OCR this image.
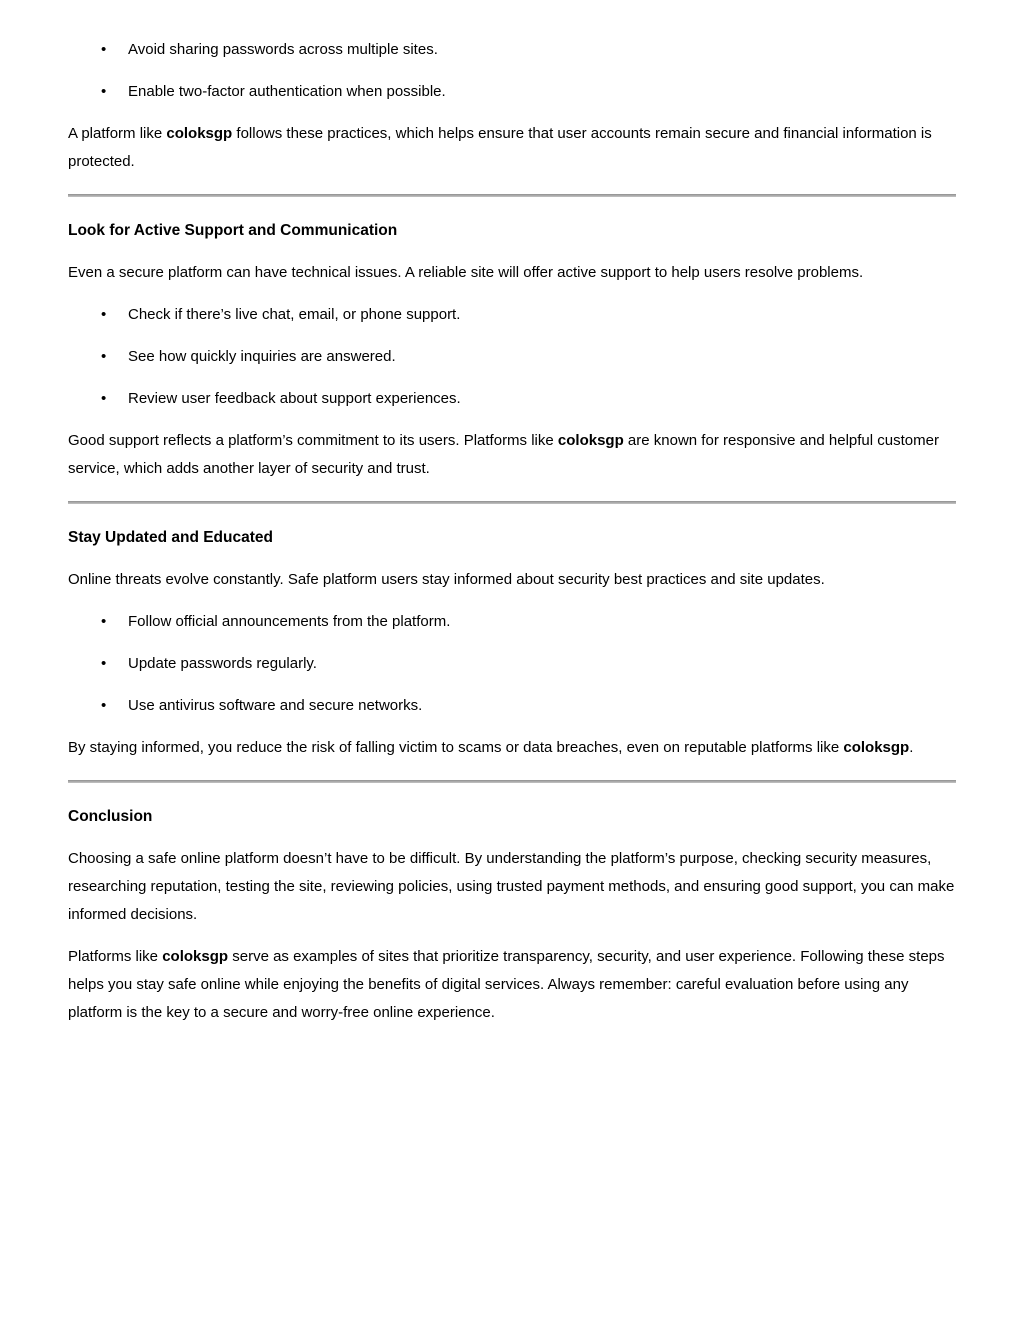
• Avoid sharing passwords across multiple sites.
• Enable two-factor authentication when possible.

A platform like coloksgp follows these practices, which helps ensure that user accounts remain secure and financial information is protected.

Look for Active Support and Communication

Even a secure platform can have technical issues. A reliable site will offer active support to help users resolve problems.

• Check if there’s live chat, email, or phone support.
• See how quickly inquiries are answered.
• Review user feedback about support experiences.

Good support reflects a platform’s commitment to its users. Platforms like coloksgp are known for responsive and helpful customer service, which adds another layer of security and trust.

Stay Updated and Educated

Online threats evolve constantly. Safe platform users stay informed about security best practices and site updates.

• Follow official announcements from the platform.
• Update passwords regularly.
• Use antivirus software and secure networks.

By staying informed, you reduce the risk of falling victim to scams or data breaches, even on reputable platforms like coloksgp.

Conclusion

Choosing a safe online platform doesn’t have to be difficult. By understanding the platform’s purpose, checking security measures, researching reputation, testing the site, reviewing policies, using trusted payment methods, and ensuring good support, you can make informed decisions.

Platforms like coloksgp serve as examples of sites that prioritize transparency, security, and user experience. Following these steps helps you stay safe online while enjoying the benefits of digital services. Always remember: careful evaluation before using any platform is the key to a secure and worry-free online experience.
